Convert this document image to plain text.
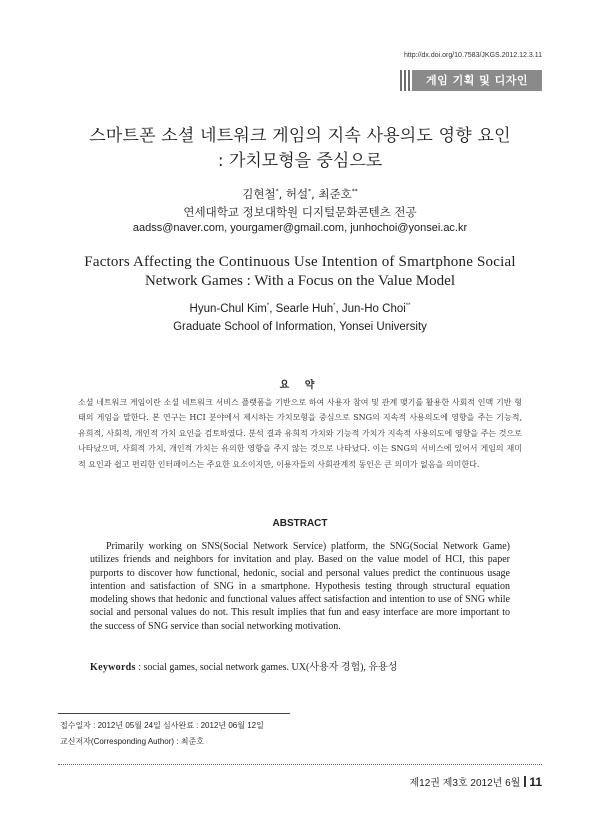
http://dx.doi.org/10.7583/JKGS.2012.12.3.11
게임 기획 및 디자인
스마트폰 소셜 네트워크 게임의 지속 사용의도 영향 요인
: 가치모형을 중심으로
김현철*, 허설*, 최준호**
연세대학교 정보대학원 디지털문화콘텐츠 전공
aadss@naver.com, yourgamer@gmail.com, junhochoi@yonsei.ac.kr
Factors Affecting the Continuous Use Intention of Smartphone Social
Network Games : With a Focus on the Value Model
Hyun-Chul Kim*, Searle Huh*, Jun-Ho Choi**
Graduate School of Information, Yonsei University
요 약
소셜 네트워크 게임이란 소셜 네트워크 서비스 플랫폼을 기반으로 하여 사용자 참여 및 관계 맺기를 활용한 사회적 인맥 기반 형태의 게임을 말한다. 본 연구는 HCI 분야에서 제시하는 가치모형을 중심으로 SNG의 지속적 사용의도에 영향을 주는 기능적, 유희적, 사회적, 개인적 가치 요인을 검토하였다. 분석 결과 유희적 가치와 기능적 가치가 지속적 사용의도에 영향을 주는 것으로 나타났으며, 사회적 가치, 개인적 가치는 유의한 영향을 주지 않는 것으로 나타났다. 이는 SNG의 서비스에 있어서 게임의 재미적 요인과 쉽고 편리한 인터페이스는 주요한 요소이지만, 이용자들의 사회관계적 동인은 큰 의미가 없음을 의미한다.
ABSTRACT
Primarily working on SNS(Social Network Service) platform, the SNG(Social Network Game) utilizes friends and neighbors for invitation and play. Based on the value model of HCI, this paper purports to discover how functional, hedonic, social and personal values predict the continuous usage intention and satisfaction of SNG in a smartphone. Hypothesis testing through structural equation modeling shows that hedonic and functional values affect satisfaction and intention to use of SNG while social and personal values do not. This result implies that fun and easy interface are more important to the success of SNG service than social networking motivation.
Keywords : social games, social network games. UX(사용자 경험), 유용성
접수일자 : 2012년 05월 24일 심사완료 : 2012년 06월 12일
교신저자(Corresponding Author) : 최준호
제12권 제3호 2012년 6월 11
